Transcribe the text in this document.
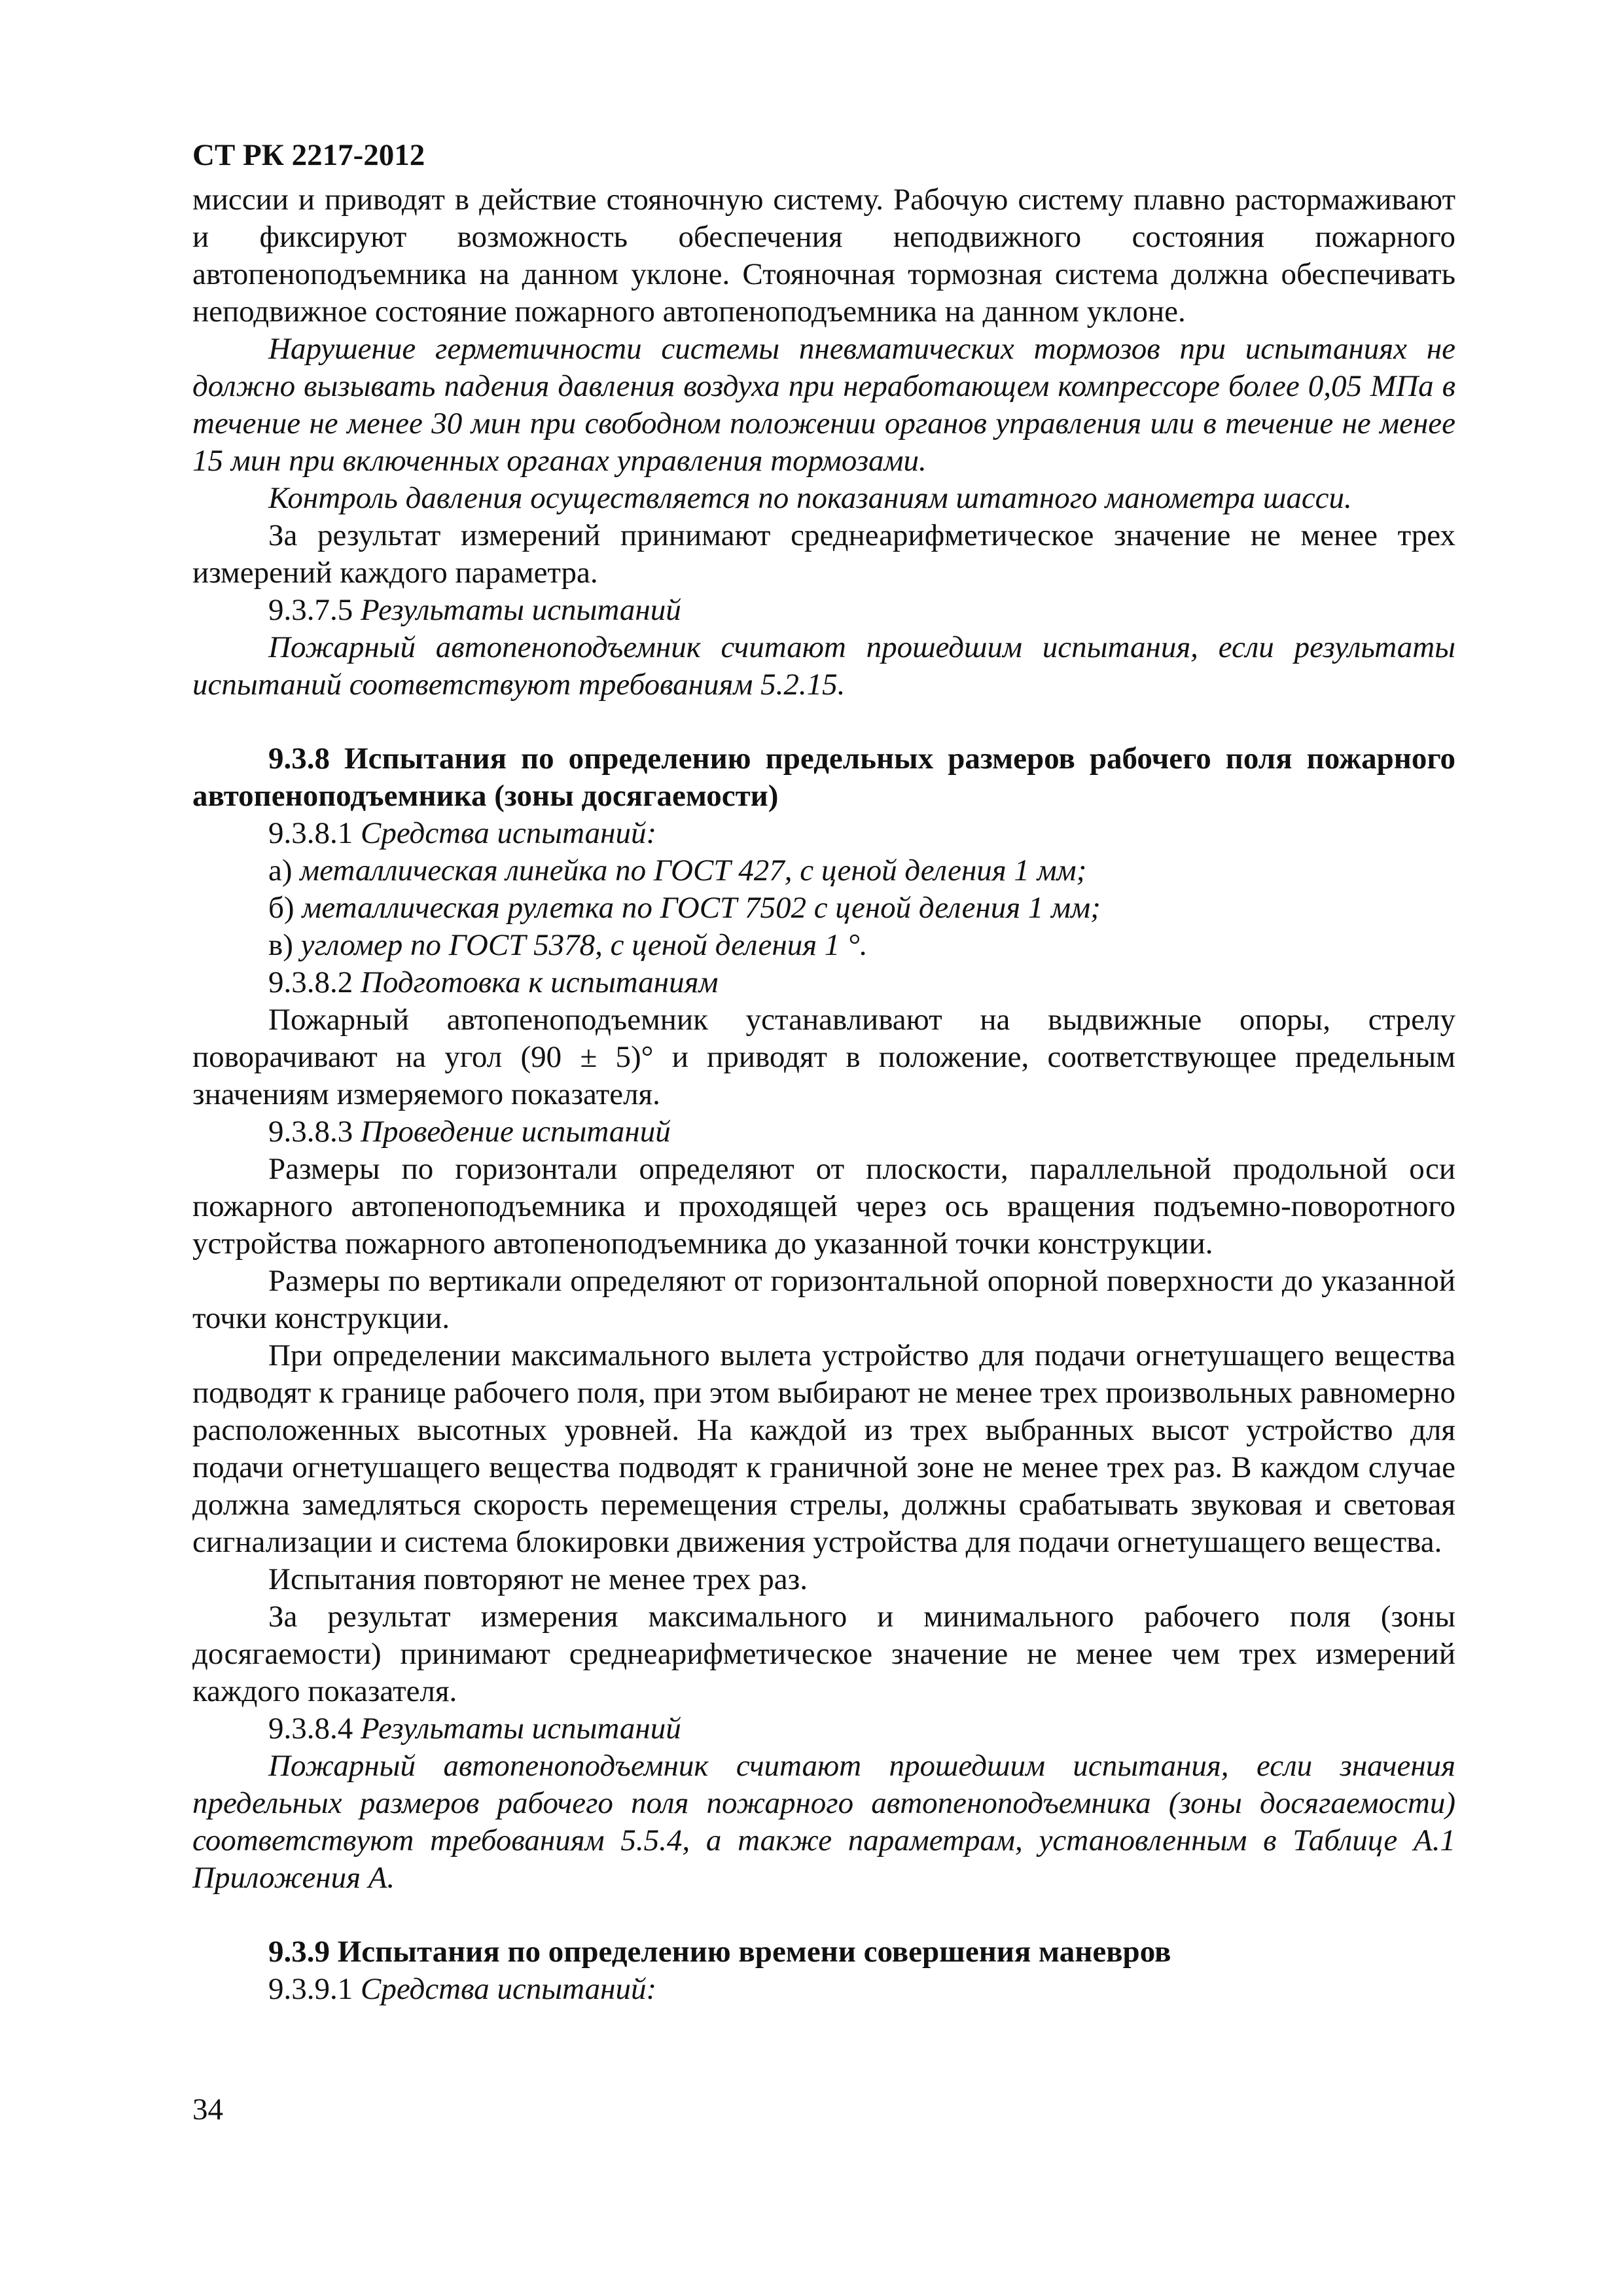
СТ РК 2217-2012

миссии и приводят в действие стояночную систему. Рабочую систему плавно растормаживают и фиксируют возможность обеспечения неподвижного состояния пожарного автопеноподъемника на данном уклоне. Стояночная тормозная система должна обеспечивать неподвижное состояние пожарного автопеноподъемника на данном уклоне.

Нарушение герметичности системы пневматических тормозов при испытаниях не должно вызывать падения давления воздуха при неработающем компрессоре более 0,05 МПа в течение не менее 30 мин при свободном положении органов управления или в течение не менее 15 мин при включенных органах управления тормозами.

Контроль давления осуществляется по показаниям штатного манометра шасси.

За результат измерений принимают среднеарифметическое значение не менее трех измерений каждого параметра.

9.3.7.5 Результаты испытаний

Пожарный автопеноподъемник считают прошедшим испытания, если результаты испытаний соответствуют требованиям 5.2.15.

9.3.8 Испытания по определению предельных размеров рабочего поля пожарного автопеноподъемника (зоны досягаемости)

9.3.8.1 Средства испытаний:

а) металлическая линейка по ГОСТ 427, с ценой деления 1 мм;

б) металлическая рулетка по ГОСТ 7502 с ценой деления 1 мм;

в) угломер по ГОСТ 5378, с ценой деления 1 °.

9.3.8.2 Подготовка к испытаниям

Пожарный автопеноподъемник устанавливают на выдвижные опоры, стрелу поворачивают на угол (90 ± 5)° и приводят в положение, соответствующее предельным значениям измеряемого показателя.

9.3.8.3 Проведение испытаний

Размеры по горизонтали определяют от плоскости, параллельной продольной оси пожарного автопеноподъемника и проходящей через ось вращения подъемно-поворотного устройства пожарного автопеноподъемника до указанной точки конструкции.

Размеры по вертикали определяют от горизонтальной опорной поверхности до указанной точки конструкции.

При определении максимального вылета устройство для подачи огнетушащего вещества подводят к границе рабочего поля, при этом выбирают не менее трех произвольных равномерно расположенных высотных уровней. На каждой из трех выбранных высот устройство для подачи огнетушащего вещества подводят к граничной зоне не менее трех раз. В каждом случае должна замедляться скорость перемещения стрелы, должны срабатывать звуковая и световая сигнализации и система блокировки движения устройства для подачи огнетушащего вещества.

Испытания повторяют не менее трех раз.

За результат измерения максимального и минимального рабочего поля (зоны досягаемости) принимают среднеарифметическое значение не менее чем трех измерений каждого показателя.

9.3.8.4 Результаты испытаний

Пожарный автопеноподъемник считают прошедшим испытания, если значения предельных размеров рабочего поля пожарного автопеноподъемника (зоны досягаемости) соответствуют требованиям 5.5.4, а также параметрам, установленным в Таблице А.1 Приложения А.

9.3.9 Испытания по определению времени совершения маневров

9.3.9.1 Средства испытаний:

34
